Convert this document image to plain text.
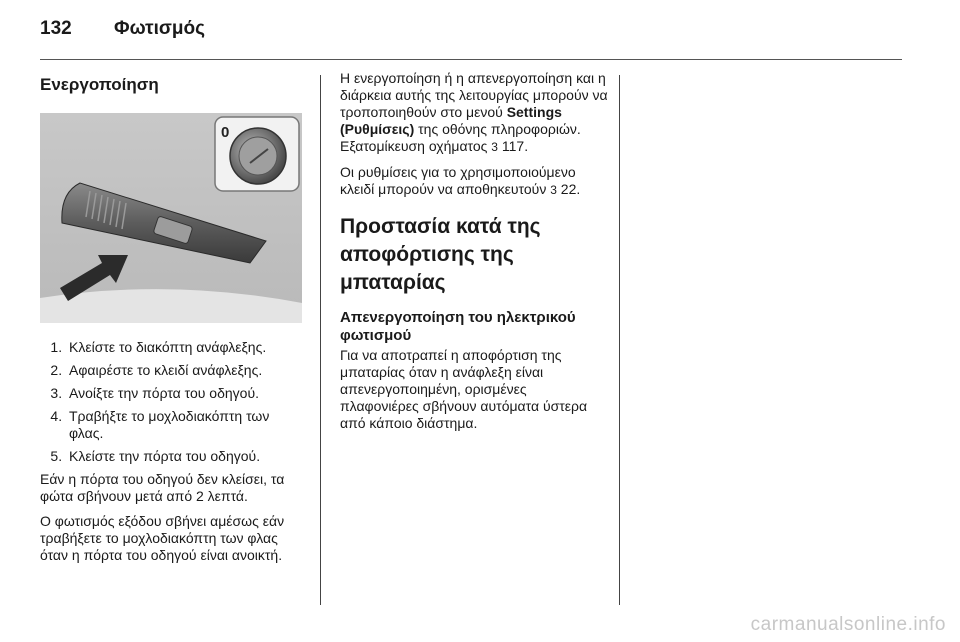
132 Φωτισμός
Ενεργοποίηση
0
1. Κλείστε το διακόπτη ανάφλεξης.
2. Αφαιρέστε το κλειδί ανάφλεξης.
3. Ανοίξτε την πόρτα του οδηγού.
4. Τραβήξτε το μοχλοδιακόπτη των φλας.
5. Κλείστε την πόρτα του οδηγού.

Εάν η πόρτα του οδηγού δεν κλείσει, τα φώτα σβήνουν μετά από 2 λεπτά.

Ο φωτισμός εξόδου σβήνει αμέσως εάν τραβήξετε το μοχλοδιακόπτη των φλας όταν η πόρτα του οδηγού είναι ανοικτή.

Η ενεργοποίηση ή η απενεργοποίηση και η διάρκεια αυτής της λειτουργίας μπορούν να τροποποιηθούν στο μενού Settings (Ρυθμίσεις) της οθόνης πληροφοριών. Εξατομίκευση οχήματος 3 117.

Οι ρυθμίσεις για το χρησιμοποιούμενο κλειδί μπορούν να αποθηκευτούν 3 22.

Προστασία κατά της αποφόρτισης της μπαταρίας
Απενεργοποίηση του ηλεκτρικού φωτισμού

Για να αποτραπεί η αποφόρτιση της μπαταρίας όταν η ανάφλεξη είναι απενεργοποιημένη, ορισμένες πλαφονιέρες σβήνουν αυτόματα ύστερα από κάποιο διάστημα.

carmanualsonline.info
